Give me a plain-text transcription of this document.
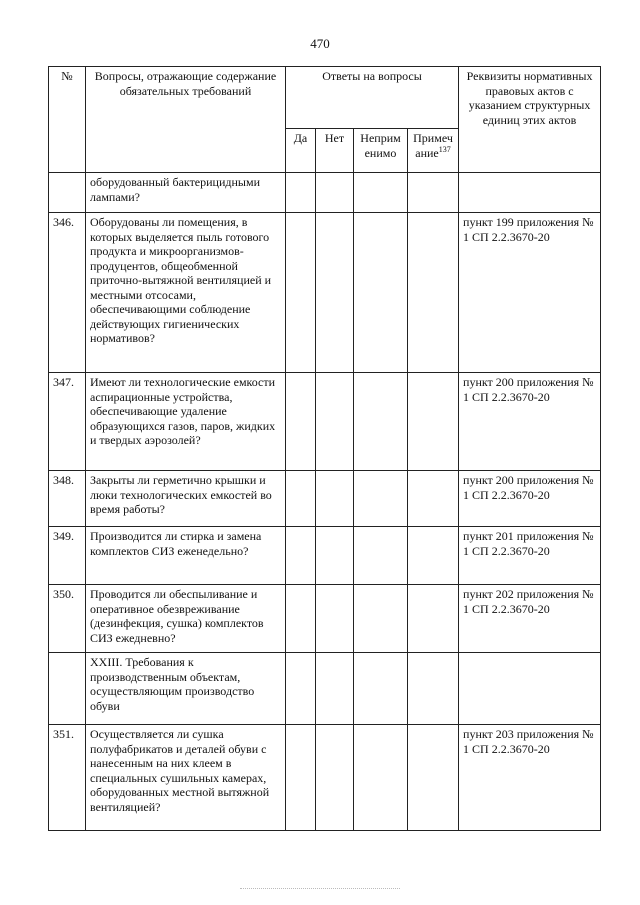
470
№	Вопросы, отражающие содержание обязательных требований	Ответы на вопросы				Реквизиты нормативных правовых актов с указанием структурных единиц этих актов
		Да	Нет	Неприм енимо	Примеч ание$^{137}$
	оборудованный бактерицидными лампами?					
346.	Оборудованы ли помещения, в которых выделяется пыль готового продукта и микроорганизмов-продуцентов, общеобменной приточно-вытяжной вентиляцией и местными отсосами, обеспечивающими соблюдение действующих гигиенических нормативов?					пункт 199 приложения № 1 СП 2.2.3670-20
347.	Имеют ли технологические емкости аспирационные устройства, обеспечивающие удаление образующихся газов, паров, жидких и твердых аэрозолей?					пункт 200 приложения № 1 СП 2.2.3670-20
348.	Закрыты ли герметично крышки и люки технологических емкостей во время работы?					пункт 200 приложения № 1 СП 2.2.3670-20
349.	Производится ли стирка и замена комплектов СИЗ еженедельно?					пункт 201 приложения № 1 СП 2.2.3670-20
350.	Проводится ли обеспыливание и оперативное обезвреживание (дезинфекция, сушка) комплектов СИЗ ежедневно?					пункт 202 приложения № 1 СП 2.2.3670-20
	XXIII. Требования к производственным объектам, осуществляющим производство обуви					
351.	Осуществляется ли сушка полуфабрикатов и деталей обуви с нанесенным на них клеем в специальных сушильных камерах, оборудованных местной вытяжной вентиляцией?					пункт 203 приложения № 1 СП 2.2.3670-20
